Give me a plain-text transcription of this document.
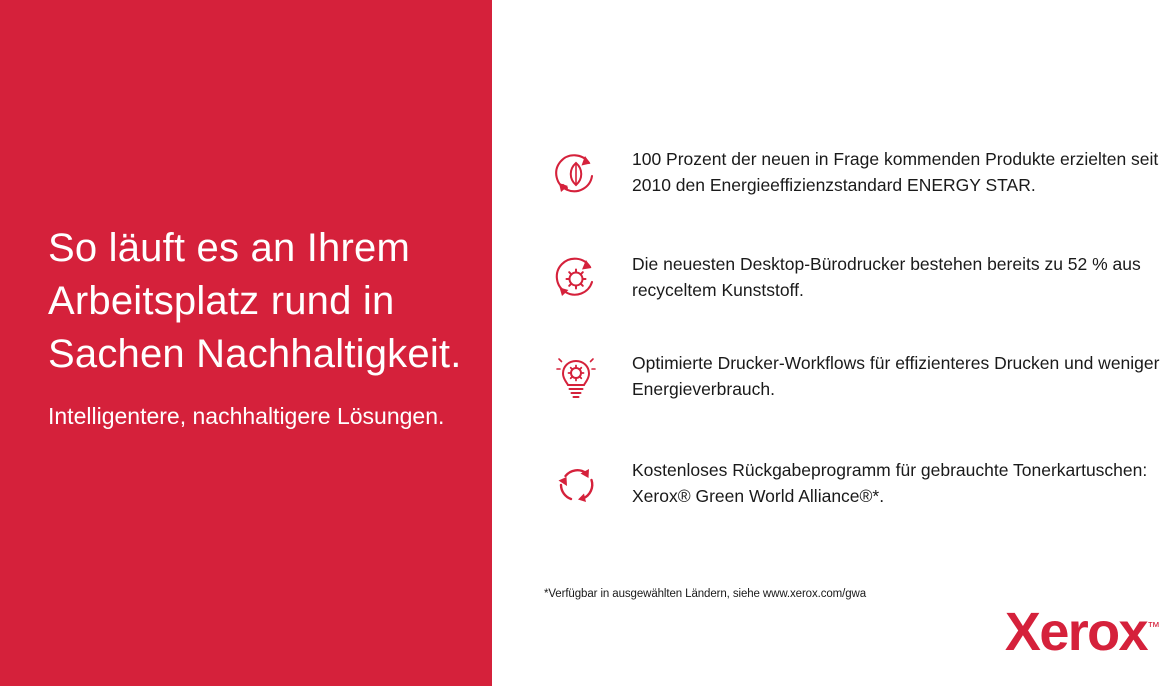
So läuft es an Ihrem Arbeitsplatz rund in Sachen Nachhaltigkeit.
Intelligentere, nachhaltigere Lösungen.
100 Prozent der neuen in Frage kommenden Produkte erzielten seit 2010 den Energieeffizienzstandard ENERGY STAR.
Die neuesten Desktop-Bürodrucker bestehen bereits zu 52 % aus recyceltem Kunststoff.
Optimierte Drucker-Workflows für effizienteres Drucken und weniger Energieverbrauch.
Kostenloses Rückgabeprogramm für gebrauchte Tonerkartuschen: Xerox® Green World Alliance®*.
*Verfügbar in ausgewählten Ländern, siehe www.xerox.com/gwa
Xerox™
